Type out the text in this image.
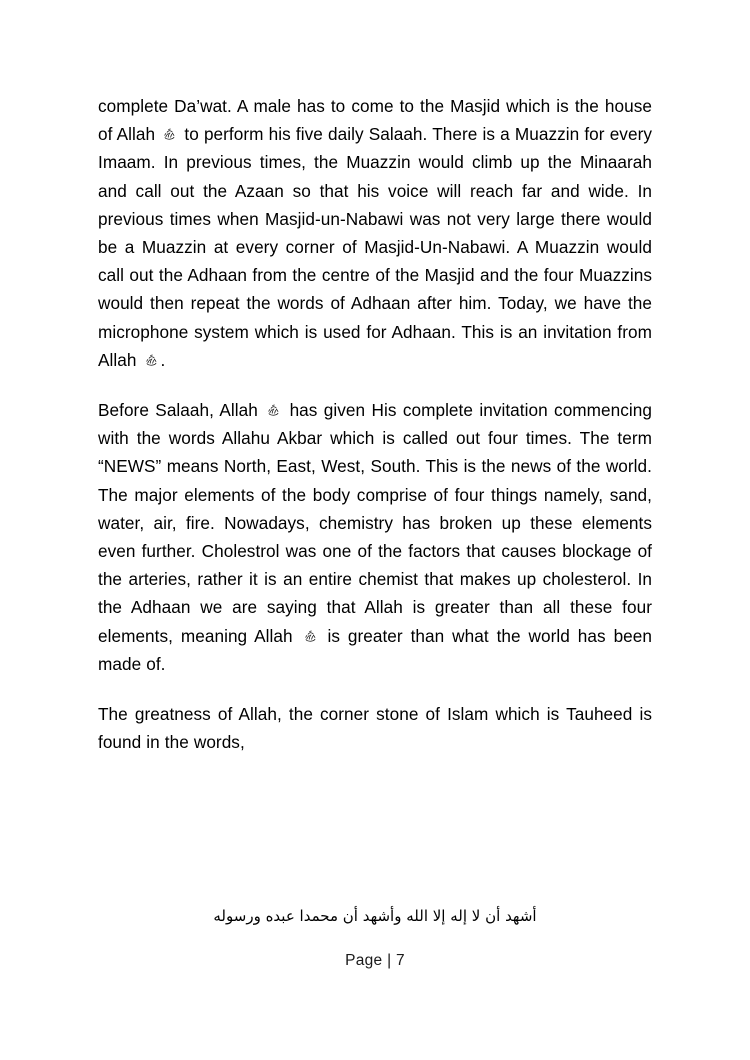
complete Da’wat. A male has to come to the Masjid which is the house of Allah
to perform his five daily Salaah. There is a Muazzin for every Imaam. In previous times, the Muazzin would climb up the Minaarah and call out the Azaan so that his voice will reach far and wide. In previous times when Masjid-un-Nabawi was not very large there would be a Muazzin at every corner of Masjid-Un-Nabawi. A Muazzin would call out the Adhaan from the centre of the Masjid and the four Muazzins would then repeat the words of Adhaan after him. Today, we have the microphone system which is used for Adhaan. This is an invitation from Allah
.

Before Salaah, Allah
has given His complete invitation commencing with the words Allahu Akbar which is called out four times. The term “NEWS” means North, East, West, South. This is the news of the world. The major elements of the body comprise of four things namely, sand, water, air, fire. Nowadays, chemistry has broken up these elements even further. Cholestrol was one of the factors that causes blockage of the arteries, rather it is an entire chemist that makes up cholesterol. In the Adhaan we are saying that Allah is greater than all these four elements, meaning Allah
is greater than what the world has been made of.

The greatness of Allah, the corner stone of Islam which is Tauheed is found in the words,

أشهد أن لا إله إلا الله وأشهد أن محمدا عبده ورسوله
Page | 7
